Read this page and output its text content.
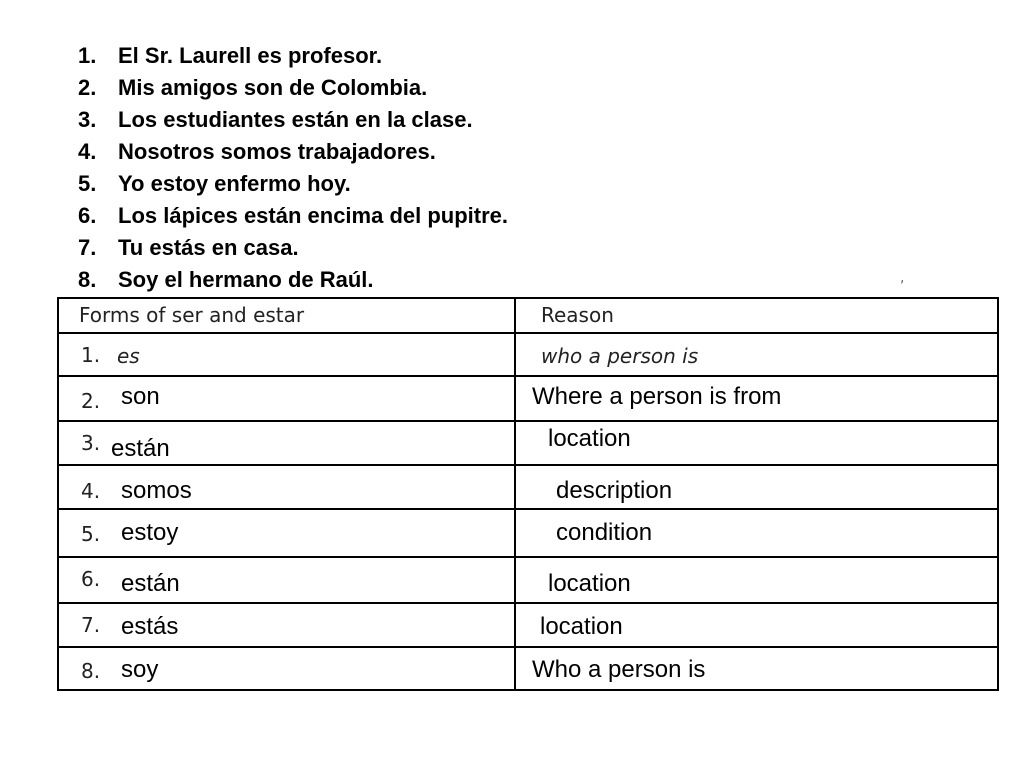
1. El Sr. Laurell es profesor.
2. Mis amigos son de Colombia.
3. Los estudiantes están en la clase.
4. Nosotros somos trabajadores.
5. Yo estoy enfermo hoy.
6. Los lápices están encima del pupitre.
7. Tu estás en casa.
8. Soy el hermano de Raúl.	,
Forms of ser and estar	Reason
1. es	who a person is
2. son	Where a person is from
3. están	location
4. somos	description
5. estoy	condition
6. están	location
7. estás	location
8. soy	Who a person is
